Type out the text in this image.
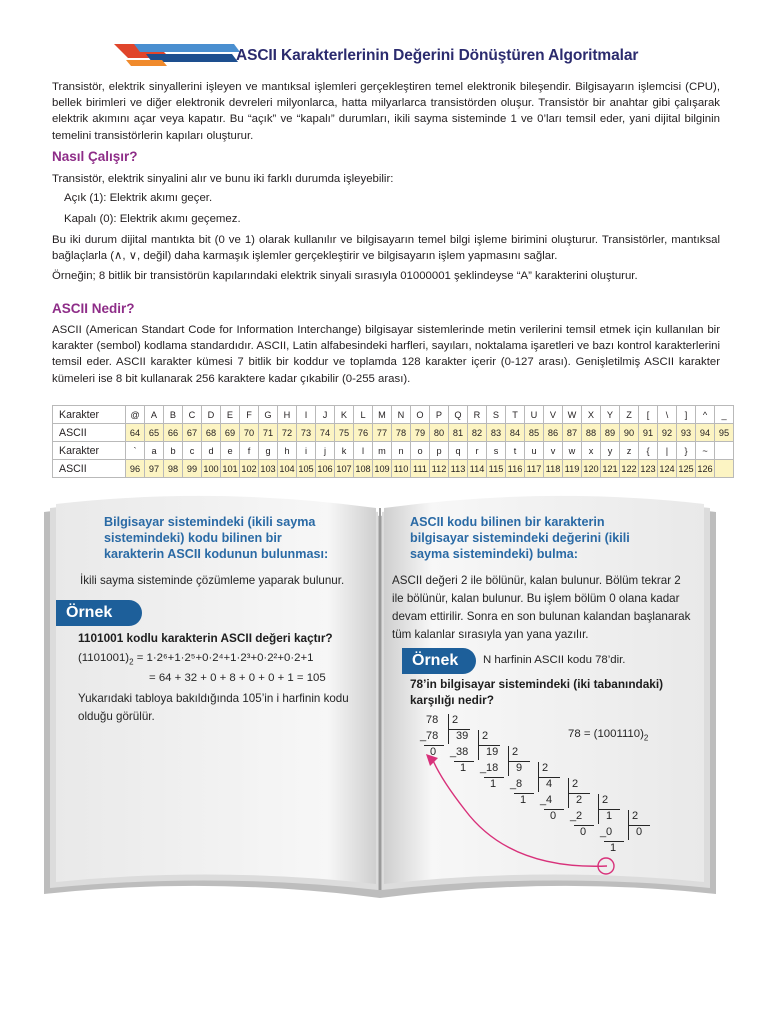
ASCII Karakterlerinin Değerini Dönüştüren Algoritmalar

Transistör, elektrik sinyallerini işleyen ve mantıksal işlemleri gerçekleştiren temel elektronik bileşendir. Bilgisayarın işlemcisi (CPU), bellek birimleri ve diğer elektronik devreleri milyonlarca, hatta milyarlarca transistörden oluşur. Transistör bir anahtar gibi çalışarak elektrik akımını açar veya kapatır. Bu “açık” ve “kapalı” durumları, ikili sayma sisteminde 1 ve 0’ları temsil eder, yani dijital bilginin temelini transistörlerin kapıları oluşturur.

Nasıl Çalışır?

Transistör, elektrik sinyalini alır ve bunu iki farklı durumda işleyebilir:

Açık (1): Elektrik akımı geçer.
Kapalı (0): Elektrik akımı geçemez.

Bu iki durum dijital mantıkta bit (0 ve 1) olarak kullanılır ve bilgisayarın temel bilgi işleme birimini oluşturur. Transistörler, mantıksal bağlaçlarla (∧, ∨, değil) daha karmaşık işlemler gerçekleştirir ve bilgisayarın işlem yapmasını sağlar.

Örneğin; 8 bitlik bir transistörün kapılarındaki elektrik sinyali sırasıyla 01000001 şeklindeyse “A” karakterini oluşturur.

ASCII Nedir?

ASCII (American Standart Code for Information Interchange) bilgisayar sistemlerinde metin verilerini temsil etmek için kullanılan bir karakter (sembol) kodlama standardıdır. ASCII, Latin alfabesindeki harfleri, sayıları, noktalama işaretleri ve bazı kontrol karakterlerini temsil eder. ASCII karakter kümesi 7 bitlik bir koddur ve toplamda 128 karakter içerir (0-127 arası). Genişletilmiş ASCII karakter kümeleri ise 8 bit kullanarak 256 karaktere kadar çıkabilir (0-255 arası).

Karakter	@	A	B	C	D	E	F	G	H	I	J	K	L	M	N	O	P	Q	R	S	T	U	V	W	X	Y	Z	[	\	]	^	_
ASCII	64	65	66	67	68	69	70	71	72	73	74	75	76	77	78	79	80	81	82	83	84	85	86	87	88	89	90	91	92	93	94	95
Karakter	`	a	b	c	d	e	f	g	h	i	j	k	l	m	n	o	p	q	r	s	t	u	v	w	x	y	z	{	|	}	~	
ASCII	96	97	98	99	100	101	102	103	104	105	106	107	108	109	110	111	112	113	114	115	116	117	118	119	120	121	122	123	124	125	126	

Bilgisayar sistemindeki (ikili sayma sistemindeki) kodu bilinen bir karakterin ASCII kodunun bulunması:

İkili sayma sisteminde çözümleme yaparak bulunur.

Örnek

1101001 kodlu karakterin ASCII değeri kaçtır?

$(1101001)_2 = 1\cdot 2^6+1\cdot 2^5+0\cdot 2^4+1\cdot 2^3+0\cdot 2^2+0\cdot 2+1$
= 64 + 32 + 0 + 8 + 0 + 0 + 1 = 105

Yukarıdaki tabloya bakıldığında 105’in i harfinin kodu olduğu görülür.

ASCII kodu bilinen bir karakterin bilgisayar sistemindeki değerini (ikili sayma sistemindeki) bulma:

ASCII değeri 2 ile bölünür, kalan bulunur. Bölüm tekrar 2 ile bölünür, kalan bulunur. Bu işlem bölüm 0 olana kadar devam ettirilir. Sonra en son bulunan kalandan başlanarak tüm kalanlar sırasıyla yan yana yazılır.

Örnek	N harfinin ASCII kodu 78’dir.

78’in bilgisayar sistemindeki (iki tabanındaki) karşılığı nedir?

$78 = (1001110)_2$
78 2
_ 78
0
39 2
_ 38
1
19 2
_ 18
1
9 2
_ 8
1
4 2
_ 4
0
2 2
_ 2
0
1 2
_ 0
1
0
